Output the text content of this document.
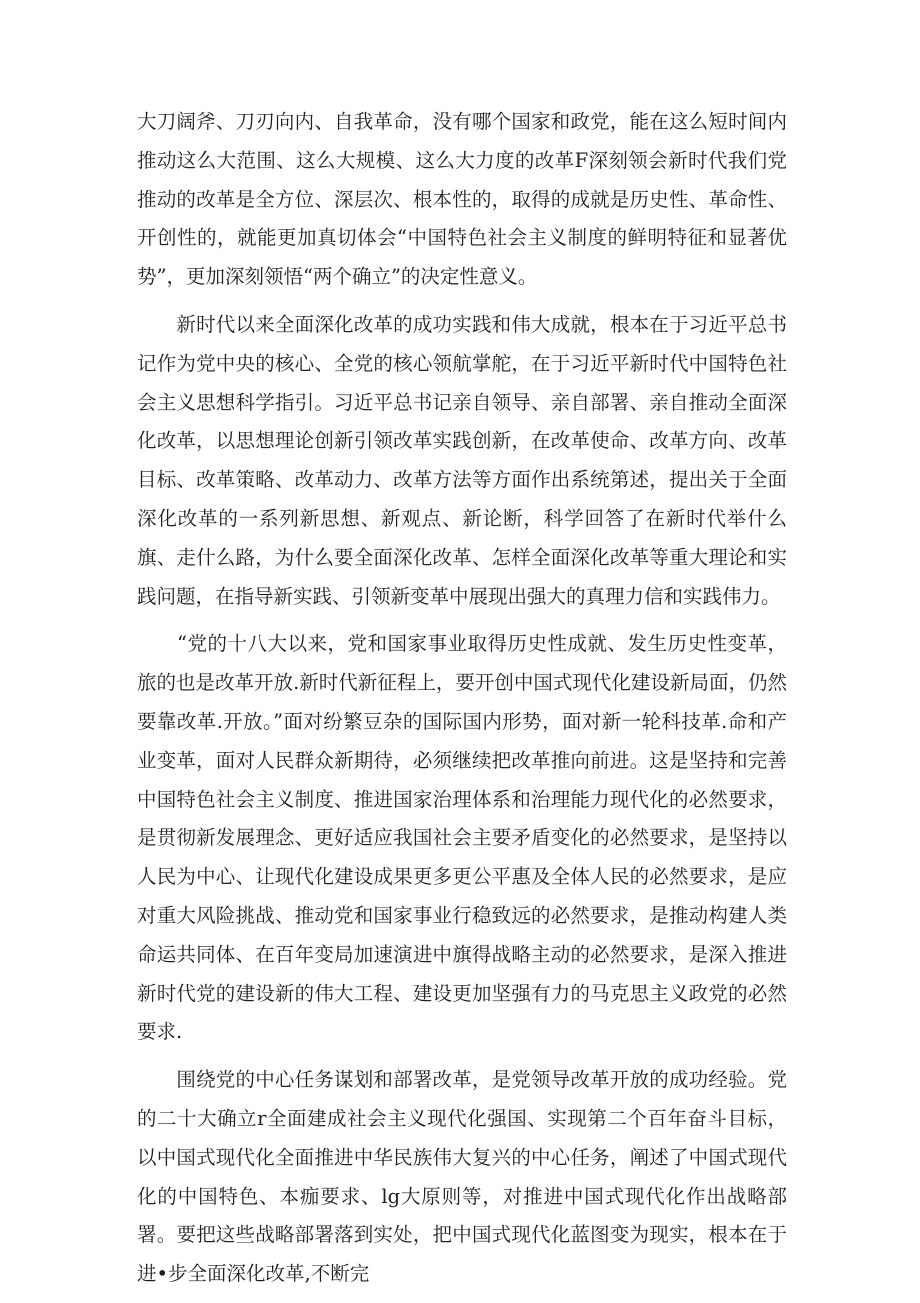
大刀阔斧、刀刃向内、自我革命，没有哪个国家和政党，能在这么短时间内推动这么大范围、这么大规模、这么大力度的改革F深刻领会新时代我们党推动的改革是全方位、深层次、根本性的，取得的成就是历史性、革命性、开创性的，就能更加真切体会“中国特色社会主义制度的鲜明特征和显著优势”，更加深刻领悟“两个确立”的决定性意义。

　　新时代以来全面深化改革的成功实践和伟大成就，根本在于习近平总书记作为党中央的核心、全党的核心领航掌舵，在于习近平新时代中国特色社会主义思想科学指引。习近平总书记亲自领导、亲自部署、亲自推动全面深化改革，以思想理论创新引领改革实践创新，在改革使命、改革方向、改革目标、改革策略、改革动力、改革方法等方面作出系统第述，提出关于全面深化改革的一系列新思想、新观点、新论断，科学回答了在新时代举什么旗、走什么路，为什么要全面深化改革、怎样全面深化改革等重大理论和实践问题，在指导新实践、引领新变革中展现出强大的真理力信和实践伟力。

　　“党的十八大以来，党和国家事业取得历史性成就、发生历史性变革，旅的也是改革开放.新时代新征程上，要开创中国式现代化建设新局面，仍然要靠改革.开放。”面对纷繁豆杂的国际国内形势，面对新一轮科技革.命和产业变革，面对人民群众新期待，必须继续把改革推向前进。这是坚持和完善中国特色社会主义制度、推进国家治理体系和治理能力现代化的必然要求，是贯彻新发展理念、更好适应我国社会主要矛盾变化的必然要求，是坚持以人民为中心、让现代化建设成果更多更公平惠及全体人民的必然要求，是应对重大风险挑战、推动党和国家事业行稳致远的必然要求，是推动构建人类命运共同体、在百年变局加速演进中旗得战略主动的必然要求，是深入推进新时代党的建设新的伟大工程、建设更加坚强有力的马克思主义政党的必然要求.

　　围绕党的中心任务谋划和部署改革，是党领导改革开放的成功经验。党的二十大确立r全面建成社会主义现代化强国、实现第二个百年奋斗目标，以中国式现代化全面推进中华民族伟大复兴的中心任务，阐述了中国式现代化的中国特色、本痂要求、lg大原则等，对推进中国式现代化作出战略部署。要把这些战略部署落到实处，把中国式现代化蓝图变为现实，根本在于进•步全面深化改革,不断完
